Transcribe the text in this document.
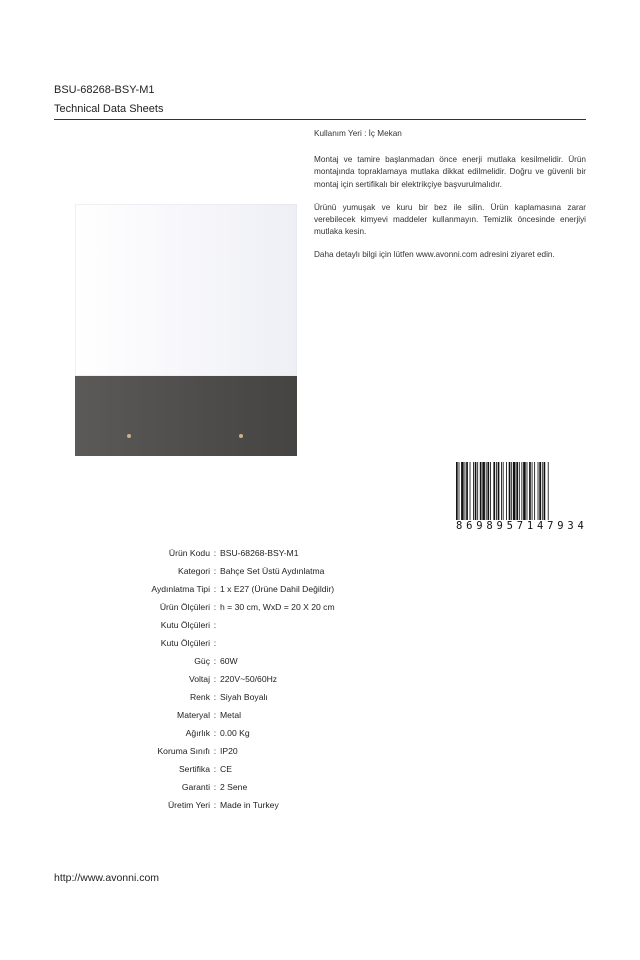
BSU-68268-BSY-M1
Technical Data Sheets

Kullanım Yeri : İç Mekan

Montaj ve tamire başlanmadan önce enerji mutlaka kesilmelidir. Ürün montajında topraklamaya mutlaka dikkat edilmelidir. Doğru ve güvenli bir montaj için sertifikalı bir elektrikçiye başvurulmalıdır.

Ürünü yumuşak ve kuru bir bez ile silin. Ürün kaplamasına zarar verebilecek kimyevi maddeler kullanmayın. Temizlik öncesinde enerjiyi mutlaka kesin.

Daha detaylı bilgi için lütfen www.avonni.com adresini ziyaret edin.

8 6 9 8 9 5 7 1 4 7 9 3 4
Ürün Kodu : BSU-68268-BSY-M1
Kategori : Bahçe Set Üstü Aydınlatma
Aydınlatma Tipi : 1 x E27 (Ürüne Dahil Değildir)
Ürün Ölçüleri : h = 30 cm, WxD = 20 X 20 cm
Kutu Ölçüleri :
Kutu Ölçüleri :
Güç : 60W
Voltaj : 220V~50/60Hz
Renk : Siyah Boyalı
Materyal : Metal
Ağırlık : 0.00 Kg
Koruma Sınıfı : IP20
Sertifika : CE
Garanti : 2 Sene
Üretim Yeri : Made in Turkey
http://www.avonni.com
